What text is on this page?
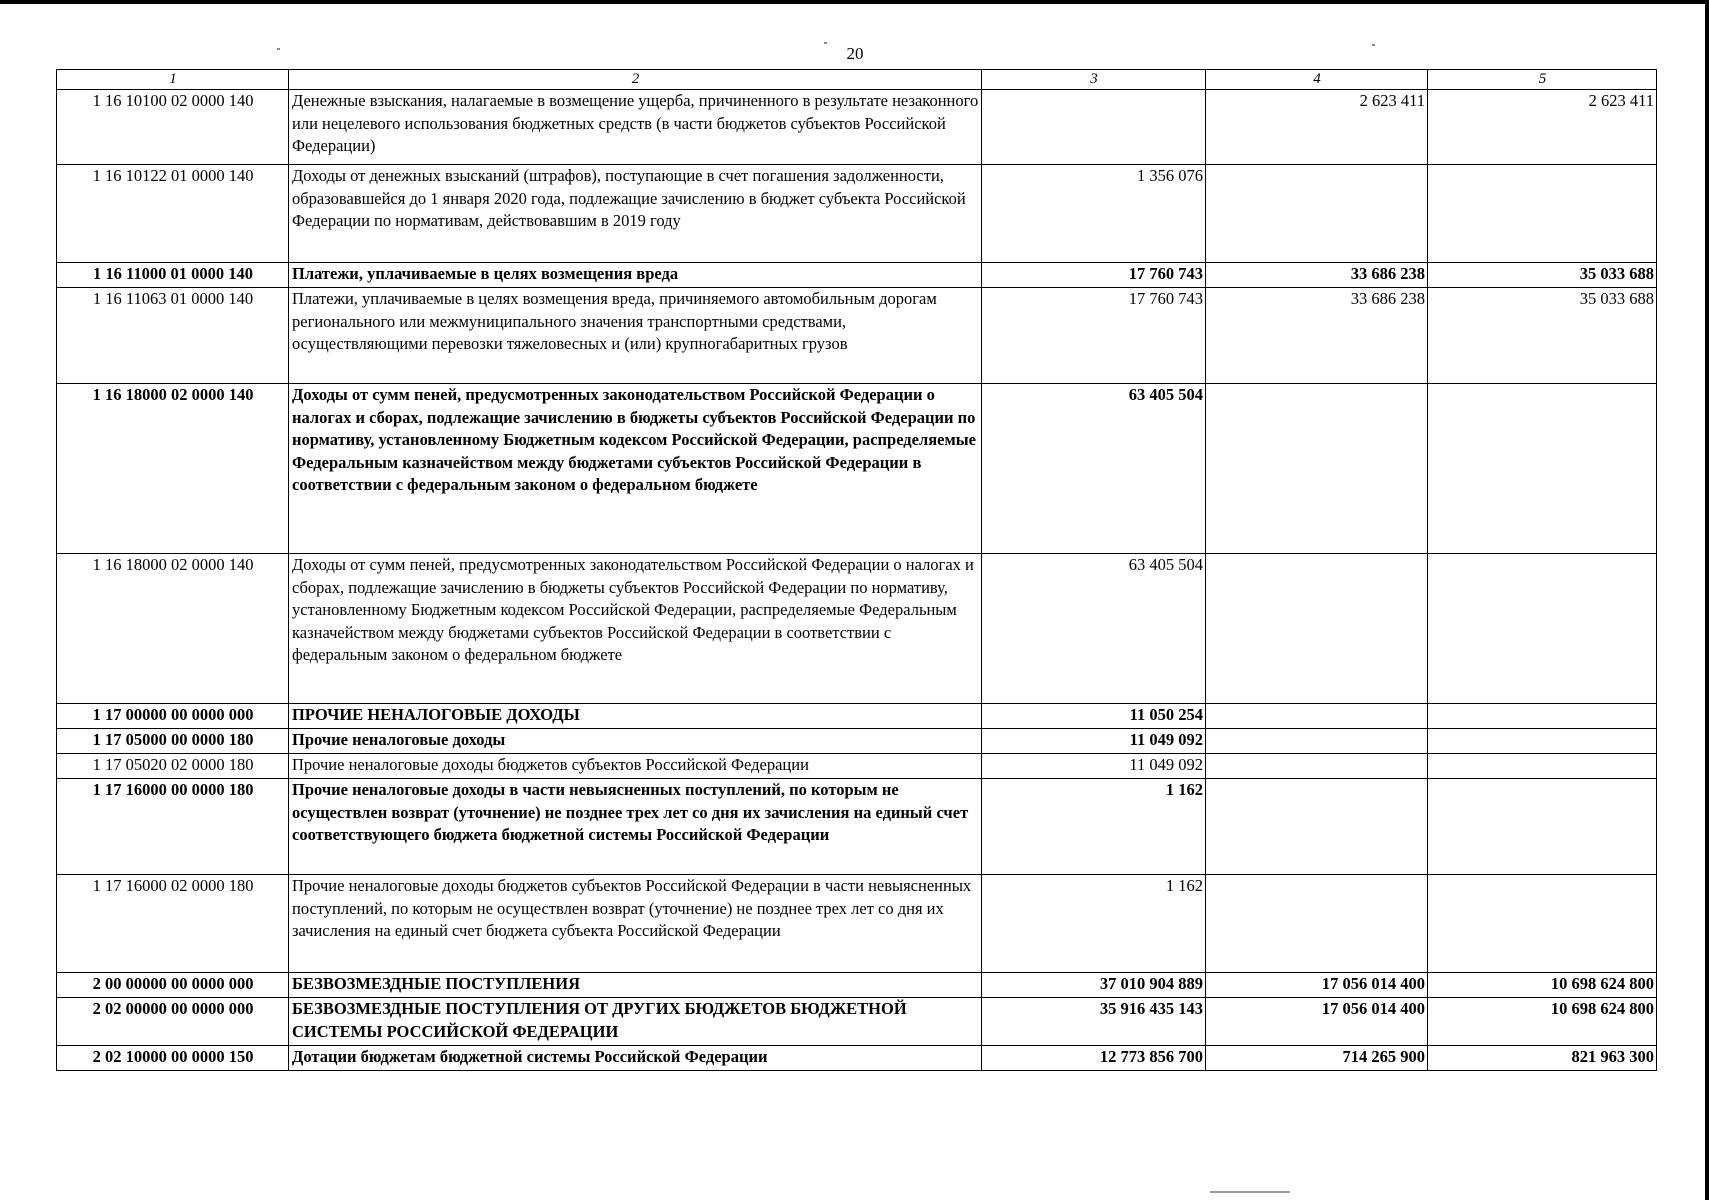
20
1	2	3	4	5
1 16 10100 02 0000 140	Денежные взыскания, налагаемые в возмещение ущерба, причиненного в результате незаконного или нецелевого использования бюджетных средств (в части бюджетов субъектов Российской Федерации)		2 623 411	2 623 411
1 16 10122 01 0000 140	Доходы от денежных взысканий (штрафов), поступающие в счет погашения задолженности, образовавшейся до 1 января 2020 года, подлежащие зачислению в бюджет субъекта Российской Федерации по нормативам, действовавшим в 2019 году	1 356 076		
1 16 11000 01 0000 140	Платежи, уплачиваемые в целях возмещения вреда	17 760 743	33 686 238	35 033 688
1 16 11063 01 0000 140	Платежи, уплачиваемые в целях возмещения вреда, причиняемого автомобильным дорогам регионального или межмуниципального значения транспортными средствами, осуществляющими перевозки тяжеловесных и (или) крупногабаритных грузов	17 760 743	33 686 238	35 033 688
1 16 18000 02 0000 140	Доходы от сумм пеней, предусмотренных законодательством Российской Федерации о налогах и сборах, подлежащие зачислению в бюджеты субъектов Российской Федерации по нормативу, установленному Бюджетным кодексом Российской Федерации, распределяемые Федеральным казначейством между бюджетами субъектов Российской Федерации в соответствии с федеральным законом о федеральном бюджете	63 405 504		
1 16 18000 02 0000 140	Доходы от сумм пеней, предусмотренных законодательством Российской Федерации о налогах и сборах, подлежащие зачислению в бюджеты субъектов Российской Федерации по нормативу, установленному Бюджетным кодексом Российской Федерации, распределяемые Федеральным казначейством между бюджетами субъектов Российской Федерации в соответствии с федеральным законом о федеральном бюджете	63 405 504		
1 17 00000 00 0000 000	ПРОЧИЕ НЕНАЛОГОВЫЕ ДОХОДЫ	11 050 254		
1 17 05000 00 0000 180	Прочие неналоговые доходы	11 049 092		
1 17 05020 02 0000 180	Прочие неналоговые доходы бюджетов субъектов Российской Федерации	11 049 092		
1 17 16000 00 0000 180	Прочие неналоговые доходы в части невыясненных поступлений, по которым не осуществлен возврат (уточнение) не позднее трех лет со дня их зачисления на единый счет соответствующего бюджета бюджетной системы Российской Федерации	1 162		
1 17 16000 02 0000 180	Прочие неналоговые доходы бюджетов субъектов Российской Федерации в части невыясненных поступлений, по которым не осуществлен возврат (уточнение) не позднее трех лет со дня их зачисления на единый счет бюджета субъекта Российской Федерации	1 162		
2 00 00000 00 0000 000	БЕЗВОЗМЕЗДНЫЕ ПОСТУПЛЕНИЯ	37 010 904 889	17 056 014 400	10 698 624 800
2 02 00000 00 0000 000	БЕЗВОЗМЕЗДНЫЕ ПОСТУПЛЕНИЯ ОТ ДРУГИХ БЮДЖЕТОВ БЮДЖЕТНОЙ СИСТЕМЫ РОССИЙСКОЙ ФЕДЕРАЦИИ	35 916 435 143	17 056 014 400	10 698 624 800
2 02 10000 00 0000 150	Дотации бюджетам бюджетной системы Российской Федерации	12 773 856 700	714 265 900	821 963 300
